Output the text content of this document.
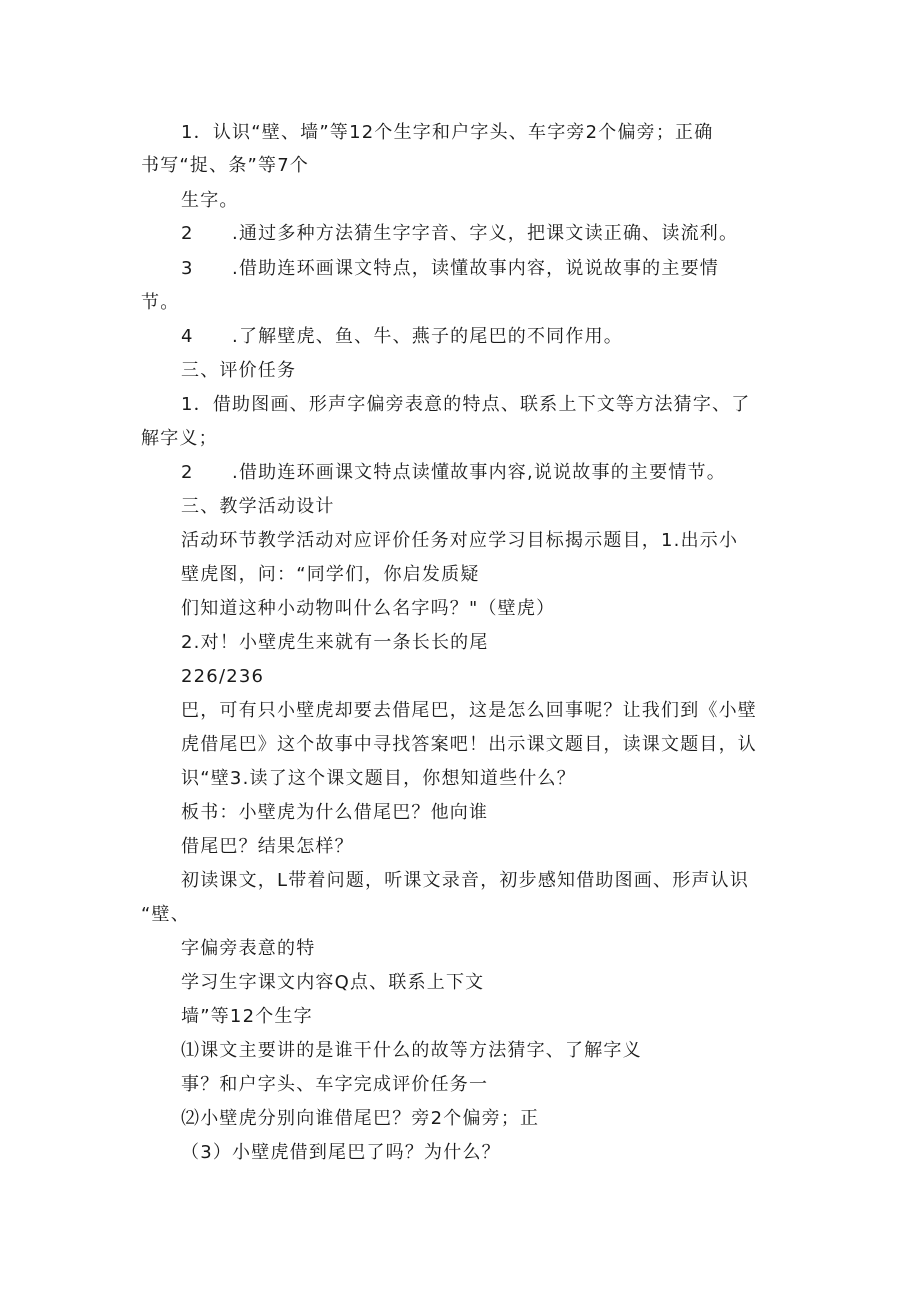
1．认识“壁、墙”等12个生字和户字头、车字旁2个偏旁；正确

书写“捉、条”等7个

生字。

2　　.通过多种方法猜生字字音、字义，把课文读正确、读流利。

3　　.借助连环画课文特点，读懂故事内容，说说故事的主要情

节。

4　　.了解壁虎、鱼、牛、燕子的尾巴的不同作用。

三、评价任务

1．借助图画、形声字偏旁表意的特点、联系上下文等方法猜字、了

解字义；

2　　.借助连环画课文特点读懂故事内容,说说故事的主要情节。

三、教学活动设计

活动环节教学活动对应评价任务对应学习目标揭示题目，1.出示小

壁虎图，问：“同学们，你启发质疑

们知道这种小动物叫什么名字吗？"（壁虎）

2.对！小壁虎生来就有一条长长的尾

226/236

巴，可有只小壁虎却要去借尾巴，这是怎么回事呢？让我们到《小壁

虎借尾巴》这个故事中寻找答案吧！出示课文题目，读课文题目，认

识“壁3.读了这个课文题目，你想知道些什么？

板书：小壁虎为什么借尾巴？他向谁

借尾巴？结果怎样？

初读课文，L带着问题，听课文录音，初步感知借助图画、形声认识

“壁、

字偏旁表意的特

学习生字课文内容Q点、联系上下文

墙”等12个生字

⑴课文主要讲的是谁干什么的故等方法猜字、了解字义

事？和户字头、车字完成评价任务一

⑵小壁虎分别向谁借尾巴？旁2个偏旁；正

（3）小壁虎借到尾巴了吗？为什么？
